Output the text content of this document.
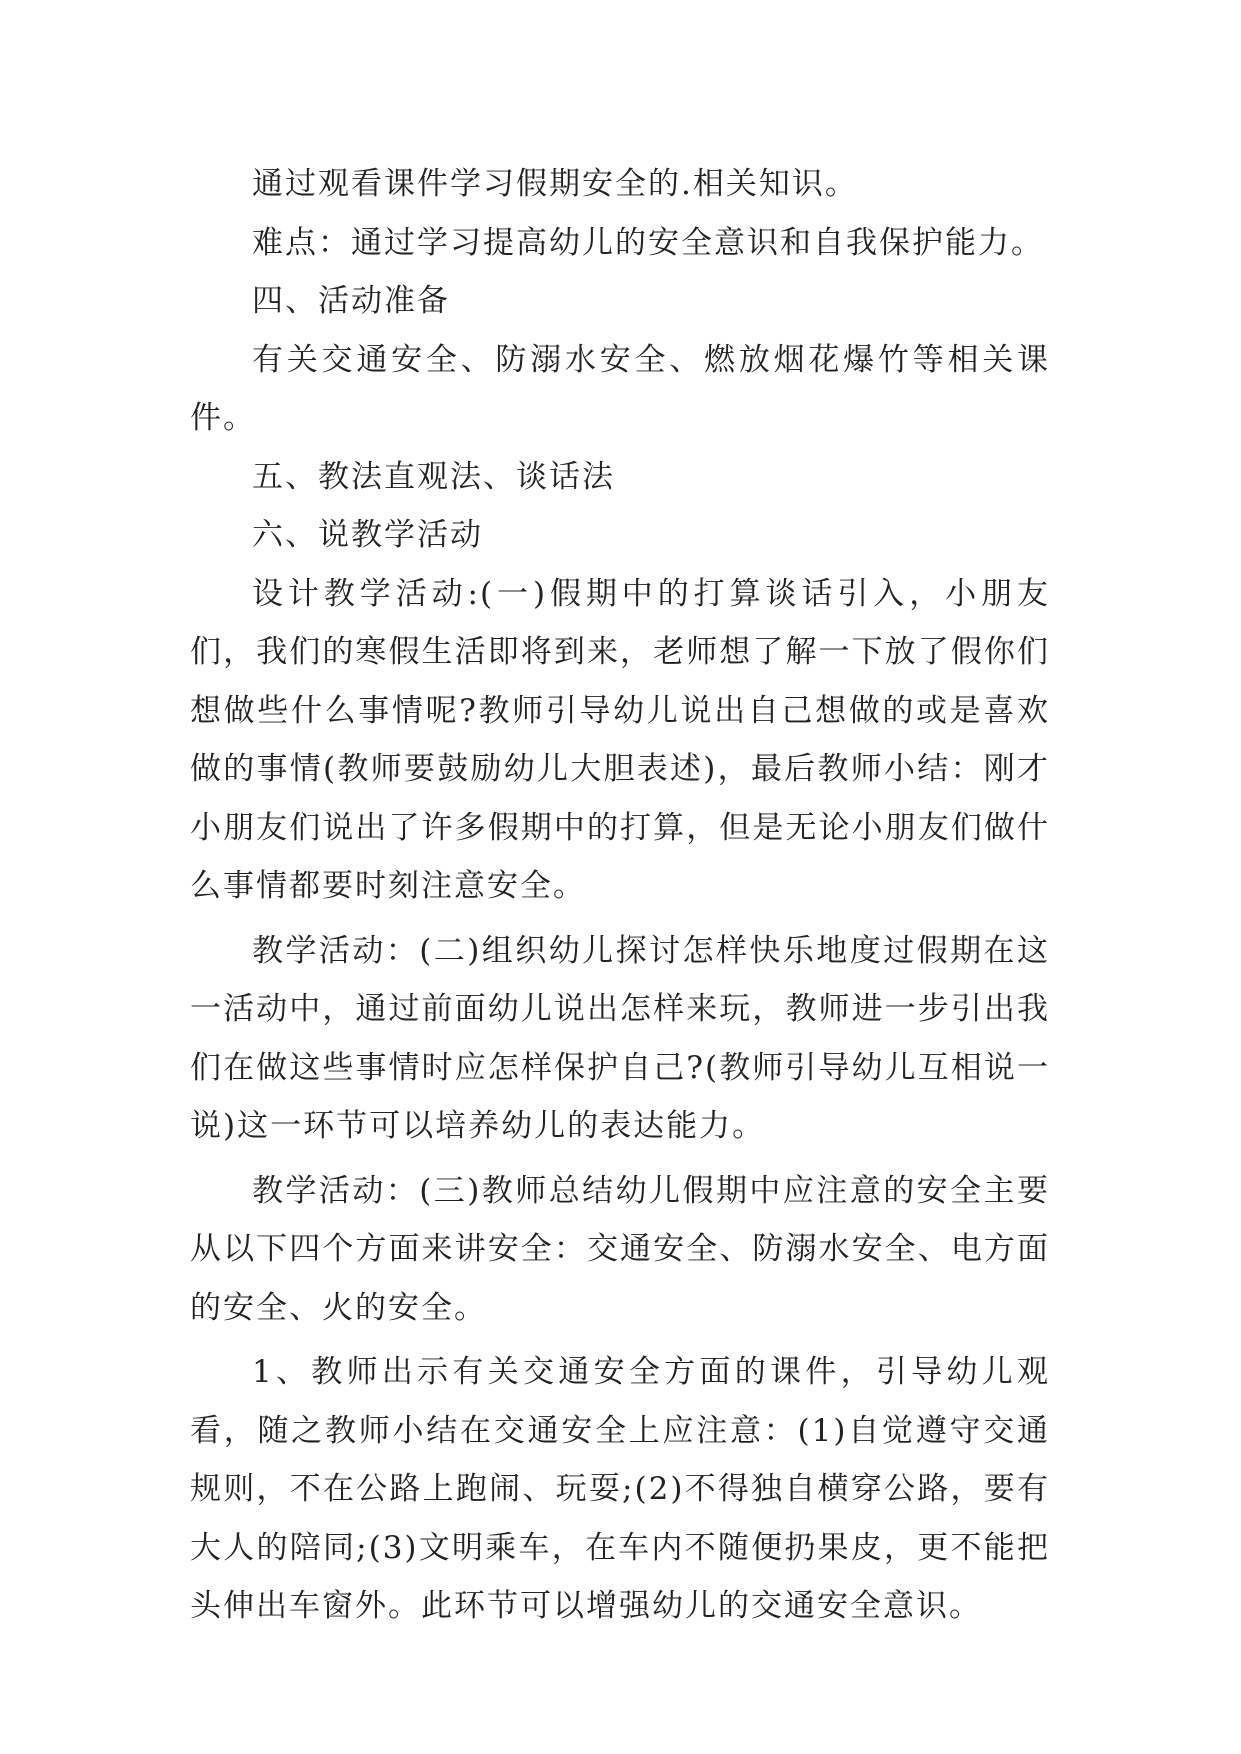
通过观看课件学习假期安全的.相关知识。

难点：通过学习提高幼儿的安全意识和自我保护能力。

四、活动准备

有关交通安全、防溺水安全、燃放烟花爆竹等相关课件。

五、教法直观法、谈话法

六、说教学活动

设计教学活动:(一)假期中的打算谈话引入，小朋友们，我们的寒假生活即将到来，老师想了解一下放了假你们想做些什么事情呢?教师引导幼儿说出自己想做的或是喜欢做的事情(教师要鼓励幼儿大胆表述)，最后教师小结：刚才小朋友们说出了许多假期中的打算，但是无论小朋友们做什么事情都要时刻注意安全。

教学活动：(二)组织幼儿探讨怎样快乐地度过假期在这一活动中，通过前面幼儿说出怎样来玩，教师进一步引出我们在做这些事情时应怎样保护自己?(教师引导幼儿互相说一说)这一环节可以培养幼儿的表达能力。

教学活动：(三)教师总结幼儿假期中应注意的安全主要从以下四个方面来讲安全：交通安全、防溺水安全、电方面的安全、火的安全。

1、教师出示有关交通安全方面的课件，引导幼儿观看，随之教师小结在交通安全上应注意：(1)自觉遵守交通规则，不在公路上跑闹、玩耍;(2)不得独自横穿公路，要有大人的陪同;(3)文明乘车，在车内不随便扔果皮，更不能把头伸出车窗外。此环节可以增强幼儿的交通安全意识。
